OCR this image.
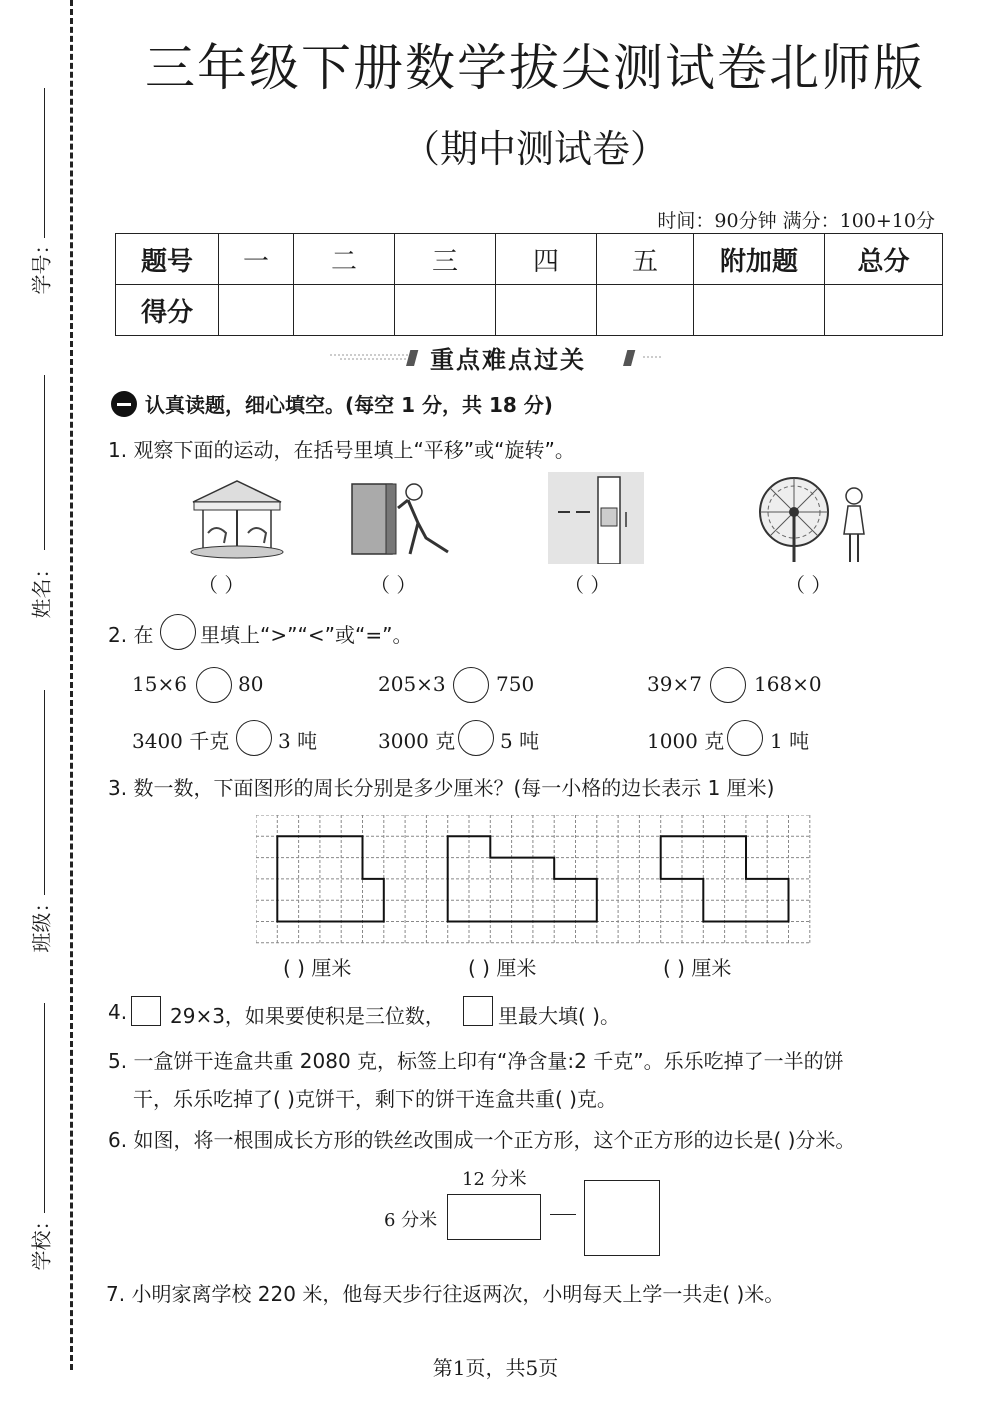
学号：
姓名：
班级：
学校：
三年级下册数学拔尖测试卷北师版
（期中测试卷）
时间：90分钟 满分：100+10分
题号	一	二	三	四	五	附加题	总分
得分							
重点难点过关
认真读题，细心填空。(每空 1 分，共 18 分)
1. 观察下面的运动，在括号里填上“平移”或“旋转”。
（ ）	（ ）	（ ）	（ ）
2. 在 里填上“>”“<”或“=”。
15×6	80	205×3	750	39×7	168×0
3400 千克 3 吨	3000 克 5 吨	1000 克 1 吨
3. 数一数，下面图形的周长分别是多少厘米？(每一小格的边长表示 1 厘米)
( ) 厘米	( ) 厘米	( ) 厘米
4. 29×3，如果要使积是三位数，	里最大填( )。
5. 一盒饼干连盒共重 2080 克，标签上印有“净含量:2 千克”。乐乐吃掉了一半的饼
干，乐乐吃掉了( )克饼干，剩下的饼干连盒共重( )克。
6. 如图，将一根围成长方形的铁丝改围成一个正方形，这个正方形的边长是( )分米。
12 分米
6 分米
7. 小明家离学校 220 米，他每天步行往返两次，小明每天上学一共走( )米。
第1页，共5页
